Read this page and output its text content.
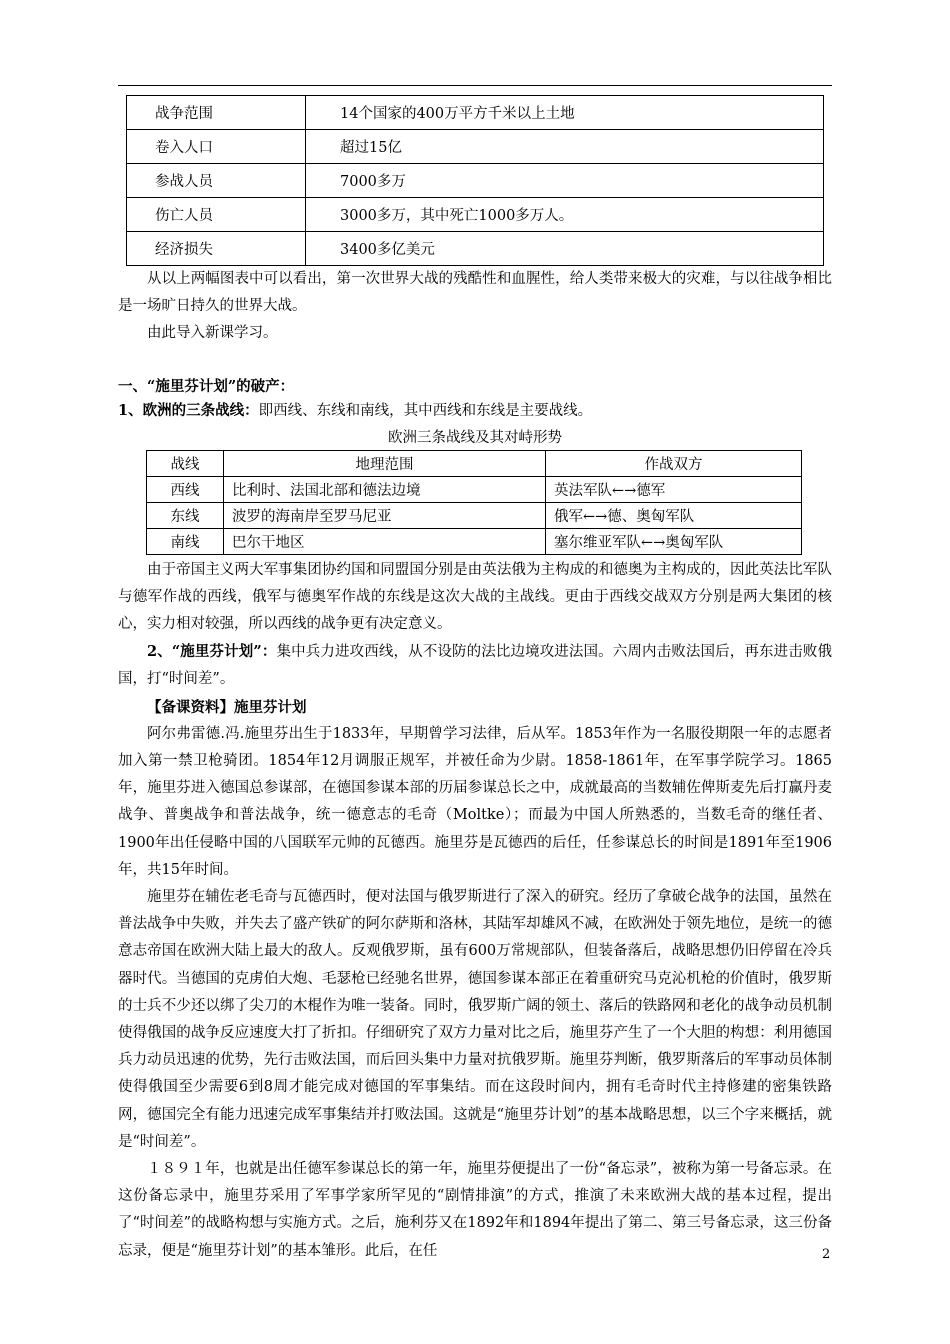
战争范围	14个国家的400万平方千米以上土地
卷入人口	超过15亿
参战人员	7000多万
伤亡人员	3000多万，其中死亡1000多万人。
经济损失	3400多亿美元

从以上两幅图表中可以看出，第一次世界大战的残酷性和血腥性，给人类带来极大的灾难，与以往战争相比是一场旷日持久的世界大战。

由此导入新课学习。

一、“施里芬计划”的破产：

1、欧洲的三条战线：即西线、东线和南线，其中西线和东线是主要战线。

欧洲三条战线及其对峙形势

战线	地理范围	作战双方
西线	比利时、法国北部和德法边境	英法军队←→德军
东线	波罗的海南岸至罗马尼亚	俄军←→德、奥匈军队
南线	巴尔干地区	塞尔维亚军队←→奥匈军队

由于帝国主义两大军事集团协约国和同盟国分别是由英法俄为主构成的和德奥为主构成的，因此英法比军队与德军作战的西线，俄军与德奥军作战的东线是这次大战的主战线。更由于西线交战双方分别是两大集团的核心，实力相对较强，所以西线的战争更有决定意义。

2、“施里芬计划”：集中兵力进攻西线，从不设防的法比边境攻进法国。六周内击败法国后，再东进击败俄国，打“时间差”。

【备课资料】施里芬计划

阿尔弗雷德.冯.施里芬出生于1833年，早期曾学习法律，后从军。1853年作为一名服役期限一年的志愿者加入第一禁卫枪骑团。1854年12月调服正规军，并被任命为少尉。1858-1861年，在军事学院学习。1865年，施里芬进入德国总参谋部，在德国参谋本部的历届参谋总长之中，成就最高的当数辅佐俾斯麦先后打赢丹麦战争、普奥战争和普法战争，统一德意志的毛奇（Moltke）；而最为中国人所熟悉的，当数毛奇的继任者、1900年出任侵略中国的八国联军元帅的瓦德西。施里芬是瓦德西的后任，任参谋总长的时间是1891年至1906年，共15年时间。

施里芬在辅佐老毛奇与瓦德西时，便对法国与俄罗斯进行了深入的研究。经历了拿破仑战争的法国，虽然在普法战争中失败，并失去了盛产铁矿的阿尔萨斯和洛林，其陆军却雄风不减，在欧洲处于领先地位，是统一的德意志帝国在欧洲大陆上最大的敌人。反观俄罗斯，虽有600万常规部队，但装备落后，战略思想仍旧停留在冷兵器时代。当德国的克虏伯大炮、毛瑟枪已经驰名世界，德国参谋本部正在着重研究马克沁机枪的价值时，俄罗斯的士兵不少还以绑了尖刀的木棍作为唯一装备。同时，俄罗斯广阔的领土、落后的铁路网和老化的战争动员机制使得俄国的战争反应速度大打了折扣。仔细研究了双方力量对比之后，施里芬产生了一个大胆的构想：利用德国兵力动员迅速的优势，先行击败法国，而后回头集中力量对抗俄罗斯。施里芬判断，俄罗斯落后的军事动员体制使得俄国至少需要6到8周才能完成对德国的军事集结。而在这段时间内，拥有毛奇时代主持修建的密集铁路网，德国完全有能力迅速完成军事集结并打败法国。这就是“施里芬计划”的基本战略思想，以三个字来概括，就是“时间差”。

１８９１年，也就是出任德军参谋总长的第一年，施里芬便提出了一份“备忘录”，被称为第一号备忘录。在这份备忘录中，施里芬采用了军事学家所罕见的“剧情排演”的方式，推演了未来欧洲大战的基本过程，提出了“时间差”的战略构想与实施方式。之后，施利芬又在1892年和1894年提出了第二、第三号备忘录，这三份备忘录，便是“施里芬计划”的基本雏形。此后，在任	2
